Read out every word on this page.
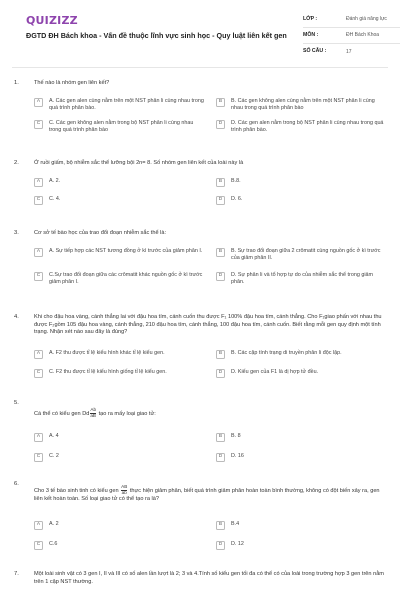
QUIZIZZ
ĐGTD ĐH Bách khoa - Vấn đề thuộc lĩnh vực sinh học - Quy luật liên kết gen
LỚP :	Đánh giá năng lực
MÔN :	ĐH Bách Khoa
SỐ CÂU :	17
1.	Thế nào là nhóm gen liên kết?
A	A. Các gen alen cùng nằm trên một NST phân li cùng nhau trong quá trình phân bào.
B	B. Các gen không alen cùng nằm trên một NST phân li cùng nhau trong quá trình phân bào
C	C. Các gen không alen nằm trong bộ NST phân li cùng nhau trong quá trình phân bào
D	D. Các gen alen nằm trong bộ NST phân li cùng nhau trong quá trình phân bào.
2.	Ở ruồi giấm, bộ nhiễm sắc thể lưỡng bội 2n= 8. Số nhóm gen liên kết của loài này là
A	A. 2.	B	B.8.
C	C. 4.	D	D. 6.
3.	Cơ sở tế bào học của trao đổi đoạn nhiễm sắc thể là:
A	A. Sự tiếp hợp các NST tương đồng ở kì trước của giảm phân I.	B	B. Sự trao đổi đoạn giữa 2 crômatit cùng nguồn gốc ở kì trước của giảm phân II.
C	C.Sự trao đổi đoạn giữa các crômatit khác nguồn gốc ở kì trước giảm phân I.
D	D. Sự phân li và tổ hợp tự do của nhiễm sắc thể trong giảm phân.
4.	Khi cho đậu hoa vàng, cánh thẳng lai với đậu hoa tím, cánh cuốn thu được F₁ 100% đậu hoa tím, cánh thẳng. Cho F₁giao phấn với nhau thu được F₂gồm 105 đậu hoa vàng, cánh thẳng, 210 đậu hoa tím, cánh thẳng, 100 đậu hoa tím, cánh cuốn. Biết rằng mỗi gen quy định một tính trạng. Nhận xét nào sau đây là đúng?
A	A. F2 thu được tỉ lệ kiểu hình khác tỉ lệ kiểu gen.	B	B. Các cặp tính trạng di truyền phân li độc lập.
C	C. F2 thu được tỉ lệ kiểu hình giống tỉ lệ kiểu gen.	D	D. Kiểu gen của F1 là dị hợp tử đều.
5.
Cá thể có kiểu gen Dd $\frac{Ab}{aB}$ tạo ra mấy loại giao tử:
A	A. 4	B	B. 8
C	C. 2	D	D. 16
6.
Cho 3 tế bào sinh tinh có kiểu gen $\frac{AB}{ab}$ thực hiện giảm phân, biết quá trình giảm phân hoàn toàn bình thường, không có đột biến xảy ra, gen liên kết hoàn toàn. Số loại giao tử có thể tạo ra là?
A	A. 2	B	B.4
C	C.6	D	D. 12
7.	Một loài sinh vật có 3 gen I, II và III có số alen lần lượt là 2; 3 và 4.Tính số kiểu gen tối đa có thể có của loài trong trường hợp 3 gen trên nằm trên 1 cặp NST thường.
